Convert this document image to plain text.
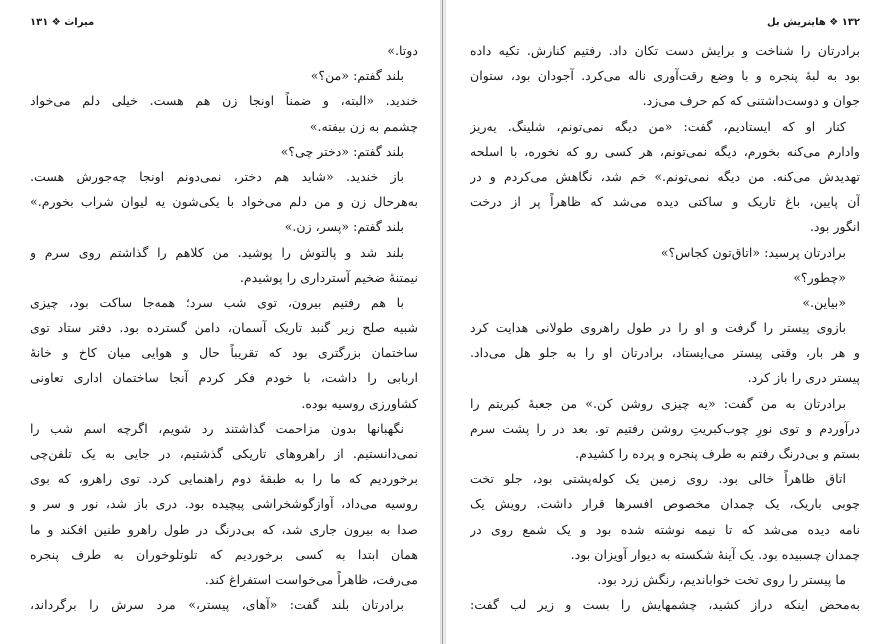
میراث ❖ ۱۳۱
دوتا.»
بلند گفتم: «من؟»
خندید. «البته، و ضمناً اونجا زن هم هست. خیلی دلم می‌خواد
چشمم به زن بیفته.»
بلند گفتم: «دختر چی؟»
باز خندید. «شاید هم دختر، نمی‌دونم اونجا چه‌جورش هست.
به‌هرحال زن و من دلم می‌خواد با یکی‌شون یه لیوان شراب بخورم.»
بلند گفتم: «پسر، زن.»
بلند شد و پالتوش را پوشید. من کلاهم را گذاشتم روی سرم و
نیمتنهٔ ضخیم آسترداری را پوشیدم.
با هم رفتیم بیرون، توی شب سرد؛ همه‌جا ساکت بود، چیزی
شبیه صلح زیر گنبد تاریک آسمان، دامن گسترده بود. دفتر ستاد توی
ساختمان بزرگتری بود که تقریباً حال و هوایی میان کاخ و خانهٔ
اربابی را داشت، با خودم فکر کردم آنجا ساختمان اداری تعاونی
کشاورزی روسیه بوده.
نگهبانها بدون مزاحمت گذاشتند رد شویم، اگرچه اسم شب را
نمی‌دانستیم. از راهروهای تاریکی گذشتیم، در جایی به یک تلفن‌چی
برخوردیم که ما را به طبقهٔ دوم راهنمایی کرد. توی راهرو، که بوی
روسیه می‌داد، آوازگوشخراشی پیچیده بود. دری باز شد، نور و سر و
صدا به بیرون جاری شد، که بی‌درنگ در طول راهرو طنین افکند و ما
همان ابتدا به کسی برخوردیم که تلوتلوخوران به طرف پنجره
می‌رفت، ظاهراً می‌خواست استفراغ کند.
برادرتان بلند گفت: «آهای، پیستر،» مرد سرش را برگرداند،
۱۳۲ ❖ هاینریش بل
برادرتان را شناخت و برایش دست تکان داد. رفتیم کنارش. تکیه داده
بود به لبهٔ پنجره و با وضع رقت‌آوری ناله می‌کرد. آجودان بود، ستوان
جوان و دوست‌داشتنی که کم حرف می‌زد.
کنار او که ایستادیم، گفت: «من دیگه نمی‌تونم، شلینگ. یه‌ریز
وادارم می‌کنه بخورم، دیگه نمی‌تونم، هر کسی رو که نخوره، با اسلحه
تهدیدش می‌کنه. من دیگه نمی‌تونم.» خم شد، نگاهش می‌کردم و در
آن پایین، باغ تاریک و ساکتی دیده می‌شد که ظاهراً پر از درخت
انگور بود.
برادرتان پرسید: «اتاق‌تون کجاس؟»
«چطور؟»
«بیاین.»
بازوی پیستر را گرفت و او را در طول راهروی طولانی هدایت کرد
و هر بار، وقتی پیستر می‌ایستاد، برادرتان او را به جلو هل می‌داد.
پیستر دری را باز کرد.
برادرتان به من گفت: «یه چیزی روشن کن.» من جعبهٔ کبریتم را
درآوردم و توی نورِ چوب‌کبریتِ روشن رفتیم تو. بعد در را پشت سرم
بستم و بی‌درنگ رفتم به طرف پنجره و پرده را کشیدم.
اتاق ظاهراً خالی بود. روی زمین یک کوله‌پشتی بود، جلو تخت
چوبی باریک، یک چمدان مخصوص افسرها قرار داشت. رویش یک
نامه دیده می‌شد که تا نیمه نوشته شده بود و یک شمع روی در
چمدان چسبیده بود. یک آینهٔ شکسته به دیوار آویزان بود.
ما پیستر را روی تخت خواباندیم، رنگش زرد بود.
به‌محض اینکه دراز کشید، چشمهایش را بست و زیر لب گفت:
